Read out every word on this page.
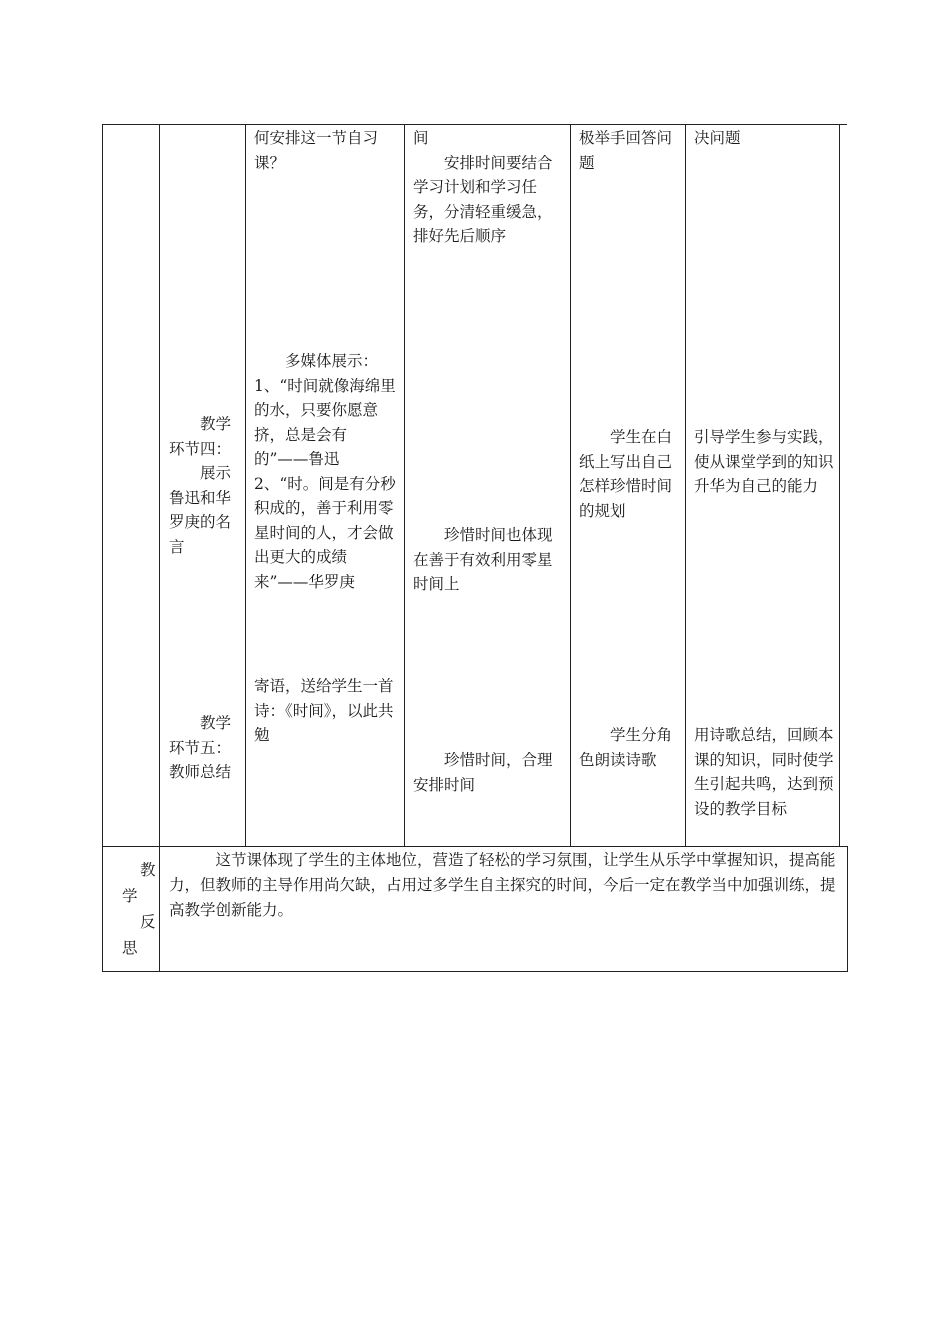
何安排这一节自习课？

间

安排时间要结合学习计划和学习任务，分清轻重缓急，排好先后顺序

极举手回答问题

决问题

教学环节四：

展示鲁迅和华罗庚的名言

多媒体展示：

1、“时间就像海绵里的水，只要你愿意挤，总是会有的”——鲁迅

2、“时。间是有分秒积成的，善于利用零星时间的人，才会做出更大的成绩来”——华罗庚

珍惜时间也体现在善于有效利用零星时间上

学生在白纸上写出自己怎样珍惜时间的规划

引导学生参与实践，使从课堂学到的知识升华为自己的能力

教学环节五：教师总结

寄语，送给学生一首诗：《时间》，以此共勉

珍惜时间，合理安排时间

学生分角色朗读诗歌

用诗歌总结，回顾本课的知识，同时使学生引起共鸣，达到预设的教学目标

教
学
反
思

这节课体现了学生的主体地位，营造了轻松的学习氛围，让学生从乐学中掌握知识，提高能力，但教师的主导作用尚欠缺，占用过多学生自主探究的时间，今后一定在教学当中加强训练，提高教学创新能力。
